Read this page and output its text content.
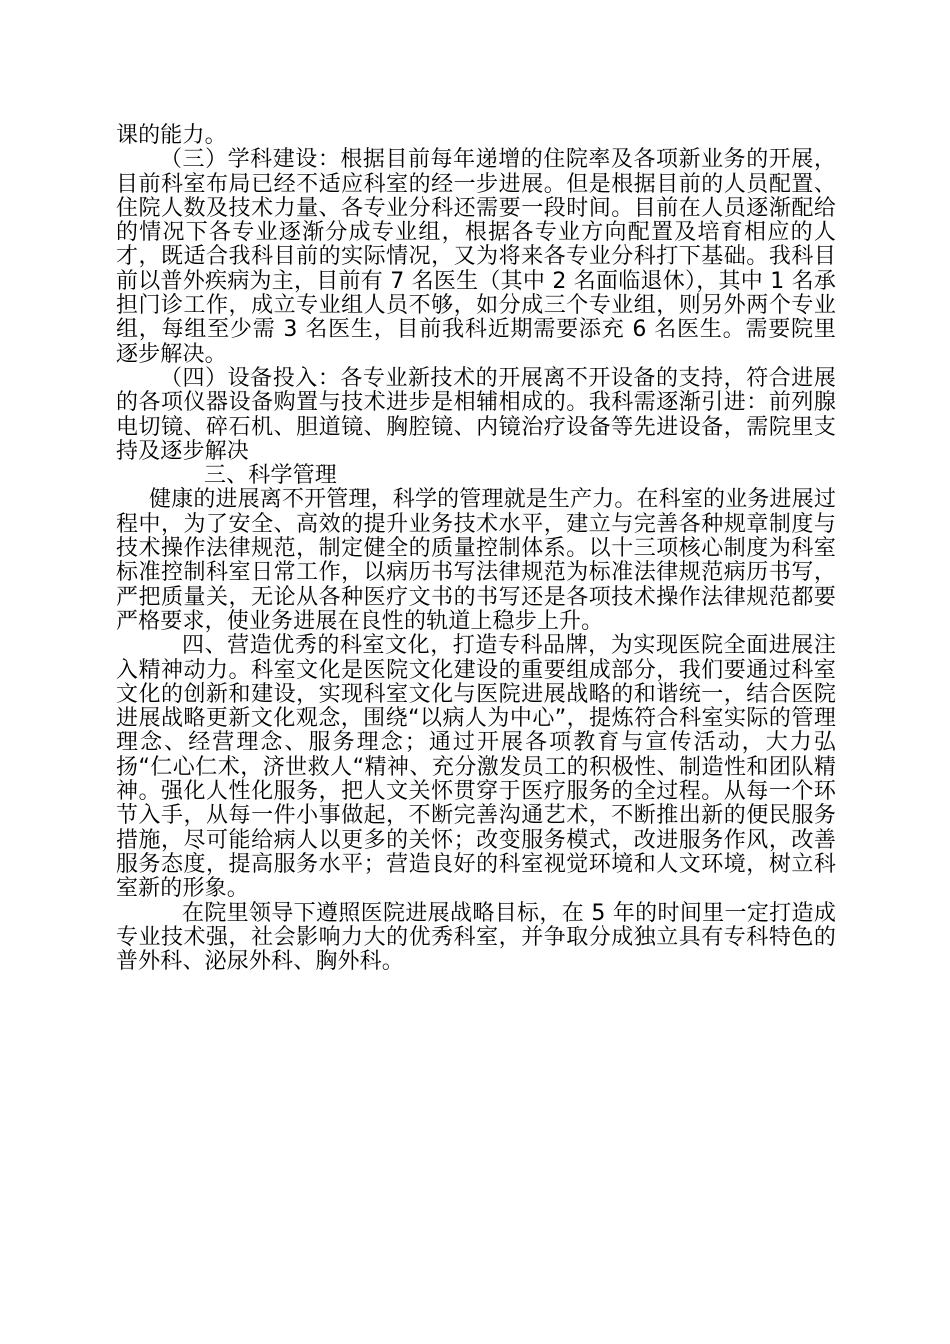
课的能力。

（三）学科建设：根据目前每年递增的住院率及各项新业务的开展，目前科室布局已经不适应科室的经一步进展。但是根据目前的人员配置、住院人数及技术力量、各专业分科还需要一段时间。目前在人员逐渐配给的情况下各专业逐渐分成专业组，根据各专业方向配置及培育相应的人才，既适合我科目前的实际情况，又为将来各专业分科打下基础。我科目前以普外疾病为主，目前有 7 名医生（其中 2 名面临退休），其中 1 名承担门诊工作，成立专业组人员不够，如分成三个专业组，则另外两个专业组，每组至少需 3 名医生，目前我科近期需要添充 6 名医生。需要院里逐步解决。

（四）设备投入：各专业新技术的开展离不开设备的支持，符合进展的各项仪器设备购置与技术进步是相辅相成的。我科需逐渐引进：前列腺电切镜、碎石机、胆道镜、胸腔镜、内镜治疗设备等先进设备，需院里支持及逐步解决

三、科学管理

健康的进展离不开管理，科学的管理就是生产力。在科室的业务进展过程中，为了安全、高效的提升业务技术水平，建立与完善各种规章制度与技术操作法律规范，制定健全的质量控制体系。以十三项核心制度为科室标准控制科室日常工作，以病历书写法律规范为标准法律规范病历书写，严把质量关，无论从各种医疗文书的书写还是各项技术操作法律规范都要严格要求，使业务进展在良性的轨道上稳步上升。

四、营造优秀的科室文化，打造专科品牌，为实现医院全面进展注入精神动力。科室文化是医院文化建设的重要组成部分，我们要通过科室文化的创新和建设，实现科室文化与医院进展战略的和谐统一，结合医院进展战略更新文化观念，围绕“以病人为中心”，提炼符合科室实际的管理理念、经营理念、服务理念；通过开展各项教育与宣传活动，大力弘扬“仁心仁术，济世救人“精神、充分激发员工的积极性、制造性和团队精神。强化人性化服务，把人文关怀贯穿于医疗服务的全过程。从每一个环节入手，从每一件小事做起，不断完善沟通艺术，不断推出新的便民服务措施，尽可能给病人以更多的关怀；改变服务模式，改进服务作风，改善服务态度，提高服务水平；营造良好的科室视觉环境和人文环境，树立科室新的形象。

在院里领导下遵照医院进展战略目标，在 5 年的时间里一定打造成专业技术强，社会影响力大的优秀科室，并争取分成独立具有专科特色的普外科、泌尿外科、胸外科。
